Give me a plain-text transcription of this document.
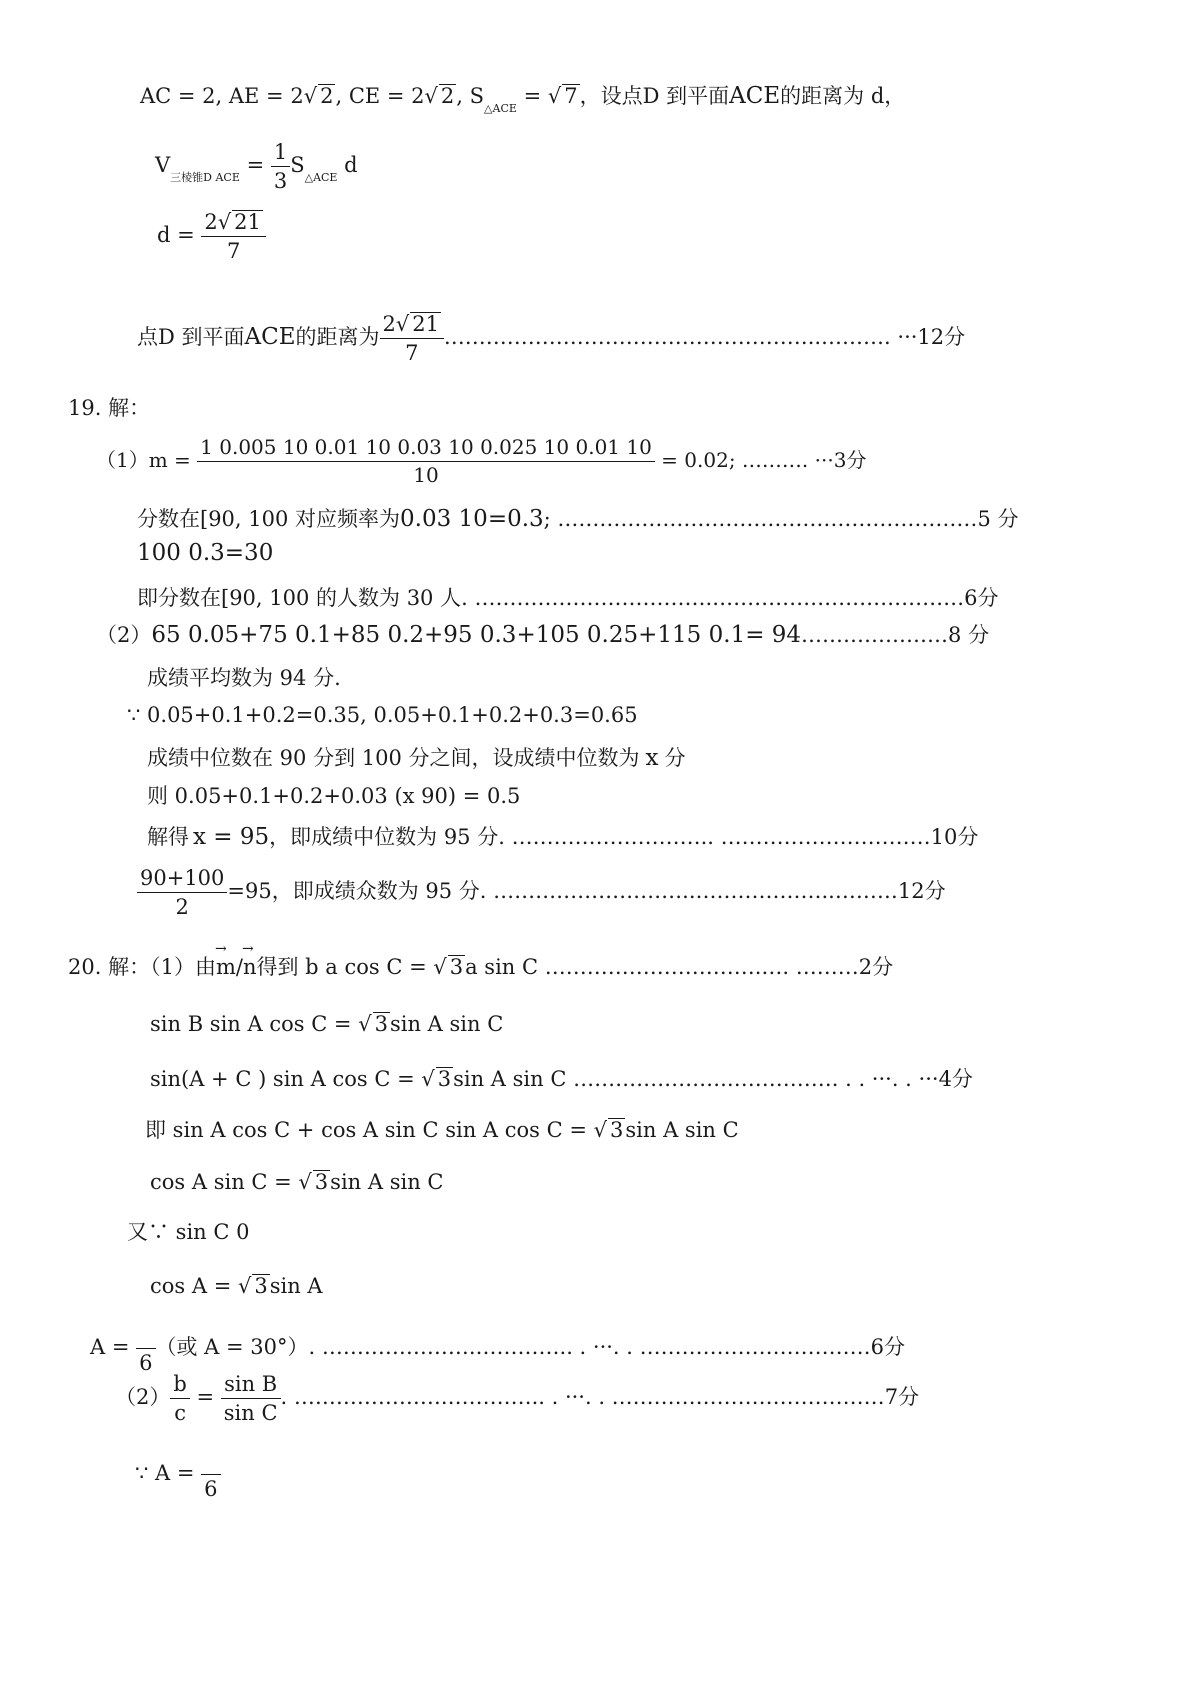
AC = 2, AE = 2√ 2, CE = 2√ 2, $S_{\triangle ACE}$ = √ 7，设点D 到平面ACE的距离为 d，
$V_{三棱锥D ACE} = \frac{1}{3} S_{\triangle ACE}$ d
$d = \frac{2√ 21}{7}$
点D 到平面ACE的距离为 $\frac{2√ 21}{7}$ .……………………………………………..………. ···12分
19. 解：
$(1)m = \frac{1 0.005 10 0.01 10 0.03 10 0.025 10 0.01 10}{10} = 0.02$; ………. ···3分
分数在[90, 100 对应频率为0.03 10=0.3; ……………………………………………………5 分
100 0.3=30
即分数在[90, 100 的人数为 30 人. …………………………….………………………………6分
（2）65 0.05+75 0.1+85 0.2+95 0.3+105 0.25+115 0.1= 94…………………8 分
成绩平均数为 94 分.
∵ 0.05+0.1+0.2=0.35, 0.05+0.1+0.2+0.3=0.65
成绩中位数在 90 分到 100 分之间，设成绩中位数为 x 分
则 0.05+0.1+0.2+0.03 (x 90) = 0.5
解得 x = 95，即成绩中位数为 95 分. ……………………….. …………………………10分
$\frac{90+100}{2} =95$，即成绩众数为 95 分. ………………………..………………..………12分
20. 解：（1）由→ m/→ n得到 b a cos C = √ 3a sin C ………………………….…. ………2分
sin B sin A cos C = √ 3sin A sin C
sin(A + C ) sin A cos C = √ 3sin A sin C ………………….……………. . . ···. . ···4分
即 sin A cos C + cos A sin C sin A cos C = √ 3sin A sin C
cos A sin C = √ 3sin A sin C
又∵ sin C 0
cos A = √ 3sin A
A =

6
（或 A = 30°）. ………………….………….. . ···. . ……………………………6分
$(2) \frac{b}{c} = \frac{\text{sin B}}{\text{sin C}}$ . ………………….………….. . ···. . …………………………………7分
∵ A =

6
